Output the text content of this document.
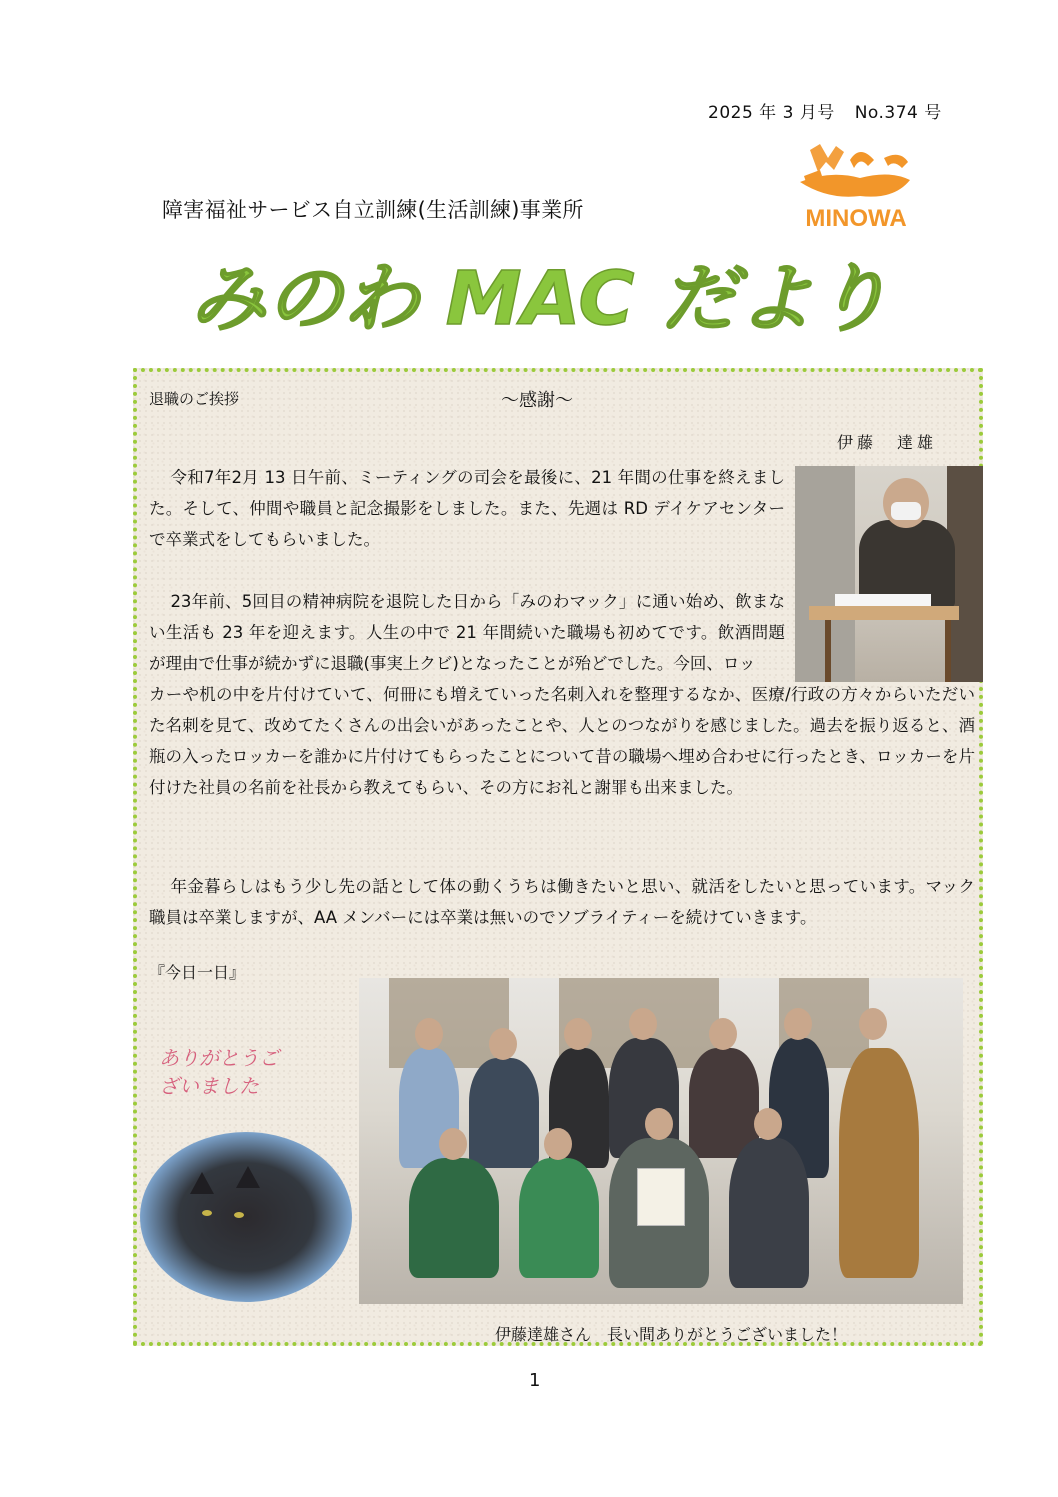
2025 年 3 月号 No.374 号
障害福祉サービス自立訓練(生活訓練)事業所	MINOWA
みのわ MAC だより
退職のご挨拶	～感謝～
伊藤　達雄

令和7年2月 13 日午前、ミーティングの司会を最後に、21 年間の仕事を終えました。そして、仲間や職員と記念撮影をしました。また、先週は RD デイケアセンターで卒業式をしてもらいました。

23年前、5回目の精神病院を退院した日から「みのわマック」に通い始め、飲まない生活も 23 年を迎えます。人生の中で 21 年間続いた職場も初めてです。飲酒問題が理由で仕事が続かずに退職(事実上クビ)となったことが殆どでした。今回、ロッ

カーや机の中を片付けていて、何冊にも増えていった名刺入れを整理するなか、医療/行政の方々からいただいた名刺を見て、改めてたくさんの出会いがあったことや、人とのつながりを感じました。過去を振り返ると、酒瓶の入ったロッカーを誰かに片付けてもらったことについて昔の職場へ埋め合わせに行ったとき、ロッカーを片付けた社員の名前を社長から教えてもらい、その方にお礼と謝罪も出来ました。

年金暮らしはもう少し先の話として体の動くうちは働きたいと思い、就活をしたいと思っています。マック職員は卒業しますが、AA メンバーには卒業は無いのでソブライティーを続けていきます。

『今日一日』
ありがとうございました
伊藤達雄さん　長い間ありがとうございました！
1
